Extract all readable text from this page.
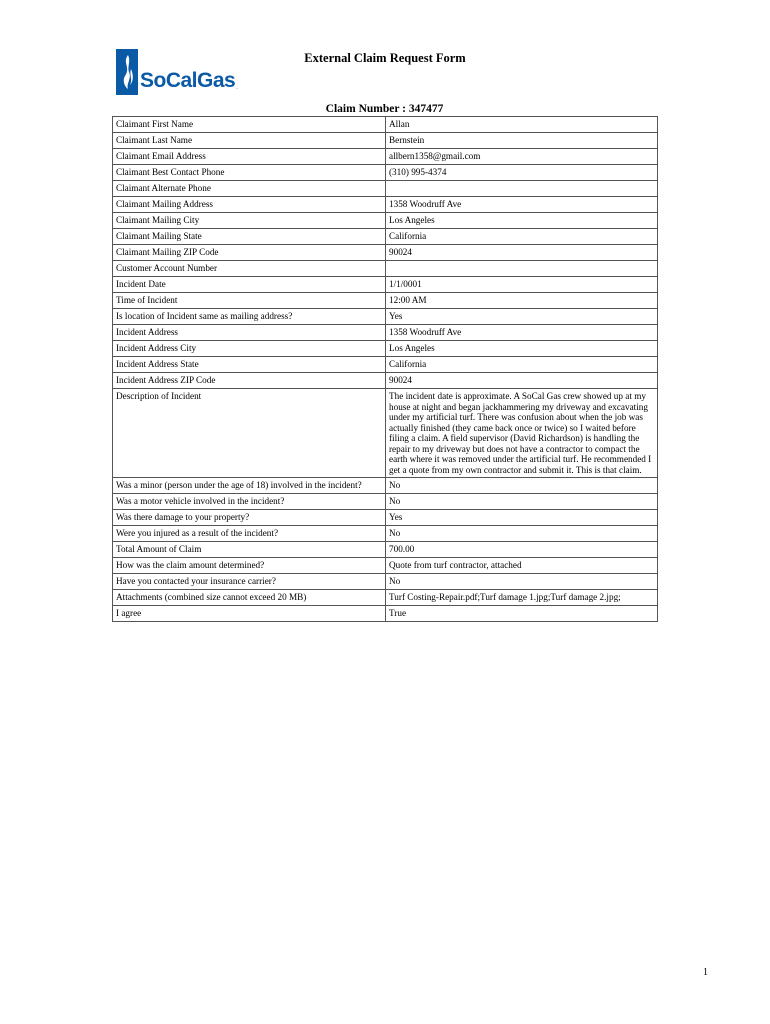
SoCalGas .
External Claim Request Form
Claim Number : 347477
Claimant First Name	Allan
Claimant Last Name	Bernstein
Claimant Email Address	allbern1358@gmail.com
Claimant Best Contact Phone	(310) 995-4374
Claimant Alternate Phone	
Claimant Mailing Address	1358 Woodruff Ave
Claimant Mailing City	Los Angeles
Claimant Mailing State	California
Claimant Mailing ZIP Code	90024
Customer Account Number	
Incident Date	1/1/0001
Time of Incident	12:00 AM
Is location of Incident same as mailing address?	Yes
Incident Address	1358 Woodruff Ave
Incident Address City	Los Angeles
Incident Address State	California
Incident Address ZIP Code	90024
Description of Incident	The incident date is approximate. A SoCal Gas crew showed up at my house at night and began jackhammering my driveway and excavating under my artificial turf. There was confusion about when the job was actually finished (they came back once or twice) so I waited before filing a claim. A field supervisor (David Richardson) is handling the repair to my driveway but does not have a contractor to compact the earth where it was removed under the artificial turf. He recommended I get a quote from my own contractor and submit it. This is that claim.
Was a minor (person under the age of 18) involved in the incident?	No
Was a motor vehicle involved in the incident?	No
Was there damage to your property?	Yes
Were you injured as a result of the incident?	No
Total Amount of Claim	700.00
How was the claim amount determined?	Quote from turf contractor, attached
Have you contacted your insurance carrier?	No
Attachments (combined size cannot exceed 20 MB)	Turf Costing-Repair.pdf;Turf damage 1.jpg;Turf damage 2.jpg;
I agree	True
1
